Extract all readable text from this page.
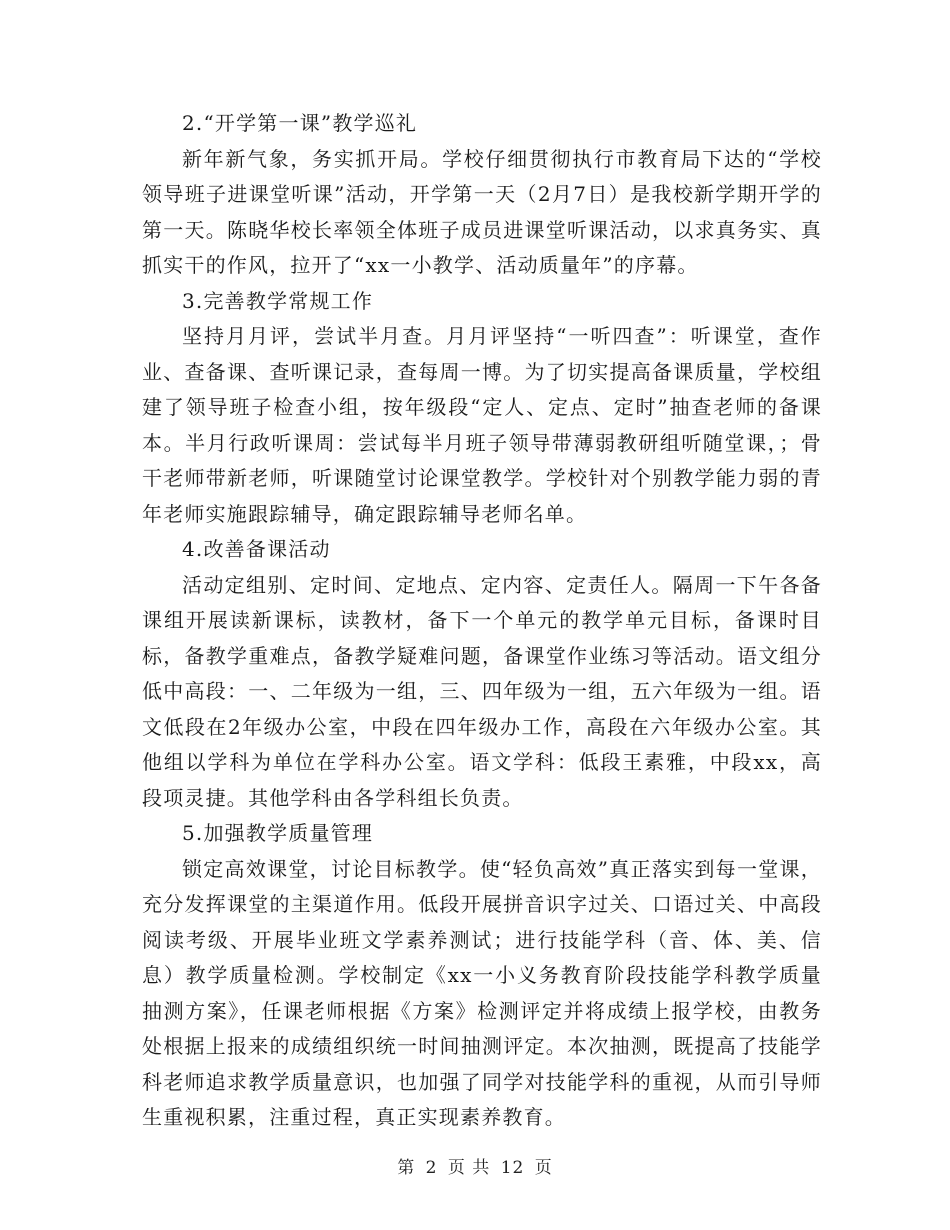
2.“开学第一课”教学巡礼

新年新气象，务实抓开局。学校仔细贯彻执行市教育局下达的“学校领导班子进课堂听课”活动，开学第一天（2月7日）是我校新学期开学的第一天。陈晓华校长率领全体班子成员进课堂听课活动，以求真务实、真抓实干的作风，拉开了“xx一小教学、活动质量年”的序幕。

3.完善教学常规工作

坚持月月评，尝试半月查。月月评坚持“一听四查”：听课堂，查作业、查备课、查听课记录，查每周一博。为了切实提高备课质量，学校组建了领导班子检查小组，按年级段“定人、定点、定时”抽查老师的备课本。半月行政听课周：尝试每半月班子领导带薄弱教研组听随堂课，；骨干老师带新老师，听课随堂讨论课堂教学。学校针对个别教学能力弱的青年老师实施跟踪辅导，确定跟踪辅导老师名单。

4.改善备课活动

活动定组别、定时间、定地点、定内容、定责任人。隔周一下午各备课组开展读新课标，读教材，备下一个单元的教学单元目标，备课时目标，备教学重难点，备教学疑难问题，备课堂作业练习等活动。语文组分低中高段：一、二年级为一组，三、四年级为一组，五六年级为一组。语文低段在2年级办公室，中段在四年级办工作，高段在六年级办公室。其他组以学科为单位在学科办公室。语文学科：低段王素雅，中段xx，高段项灵捷。其他学科由各学科组长负责。

5.加强教学质量管理

锁定高效课堂，讨论目标教学。使“轻负高效”真正落实到每一堂课，充分发挥课堂的主渠道作用。低段开展拼音识字过关、口语过关、中高段阅读考级、开展毕业班文学素养测试；进行技能学科（音、体、美、信息）教学质量检测。学校制定《xx一小义务教育阶段技能学科教学质量抽测方案》，任课老师根据《方案》检测评定并将成绩上报学校，由教务处根据上报来的成绩组织统一时间抽测评定。本次抽测，既提高了技能学科老师追求教学质量意识，也加强了同学对技能学科的重视，从而引导师生重视积累，注重过程，真正实现素养教育。

第 2 页 共 12 页
